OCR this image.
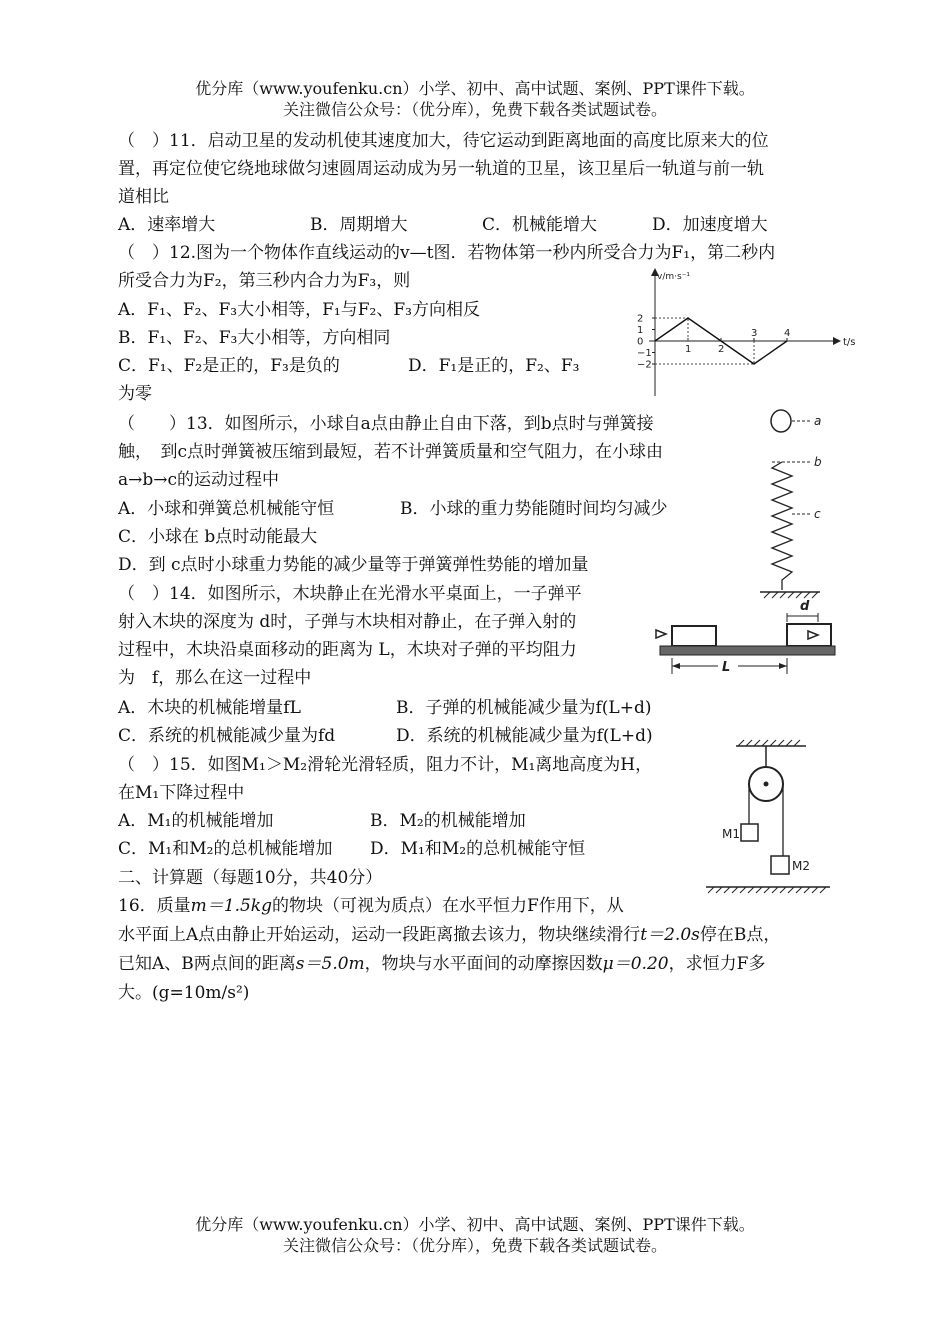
优分库（www.youfenku.cn）小学、初中、高中试题、案例、PPT课件下载。
关注微信公众号：（优分库），免费下载各类试题试卷。
（　）11．启动卫星的发动机使其速度加大，待它运动到距离地面的高度比原来大的位
置，再定位使它绕地球做匀速圆周运动成为另一轨道的卫星，该卫星后一轨道与前一轨
道相比
A．速率增大	B．周期增大	C．机械能增大	D．加速度增大
（　）12.图为一个物体作直线运动的v—t图．若物体第一秒内所受合力为F₁，第二秒内
所受合力为F₂，第三秒内合力为F₃，则
A．F₁、F₂、F₃大小相等，F₁与F₂、F₃方向相反
B．F₁、F₂、F₃大小相等，方向相同
C．F₁、F₂是正的，F₃是负的	D．F₁是正的，F₂、F₃
为零
v/m·s⁻¹
t/s
2
1
0
−1
−2
1	2
3	4
（　　）13．如图所示，小球自a点由静止自由下落，到b点时与弹簧接
触，　到c点时弹簧被压缩到最短，若不计弹簧质量和空气阻力，在小球由
a→b→c的运动过程中
A．小球和弹簧总机械能守恒	B．小球的重力势能随时间均匀减少
C．小球在 b点时动能最大
D．到 c点时小球重力势能的减少量等于弹簧弹性势能的增加量
a
b
c
（　）14．如图所示，木块静止在光滑水平桌面上，一子弹平
射入木块的深度为 d时，子弹与木块相对静止，在子弹入射的
过程中，木块沿桌面移动的距离为 L，木块对子弹的平均阻力
为　f，那么在这一过程中
A．木块的机械能增量fL	B．子弹的机械能减少量为f(L+d)
C．系统的机械能减少量为fd	D．系统的机械能减少量为f(L+d)
d
L
（　）15．如图M₁＞M₂滑轮光滑轻质，阻力不计，M₁离地高度为H，
在M₁下降过程中
A．M₁的机械能增加	B．M₂的机械能增加
C．M₁和M₂的总机械能增加 D．M₁和M₂的总机械能守恒
M1
M2
二、计算题（每题10分，共40分）
16．质量m＝1.5kg的物块（可视为质点）在水平恒力F作用下，从
水平面上A点由静止开始运动，运动一段距离撤去该力，物块继续滑行t＝2.0s停在B点，
已知A、B两点间的距离s＝5.0m，物块与水平面间的动摩擦因数μ＝0.20，求恒力F多
大。(g=10m/s²)
优分库（www.youfenku.cn）小学、初中、高中试题、案例、PPT课件下载。
关注微信公众号：（优分库），免费下载各类试题试卷。
